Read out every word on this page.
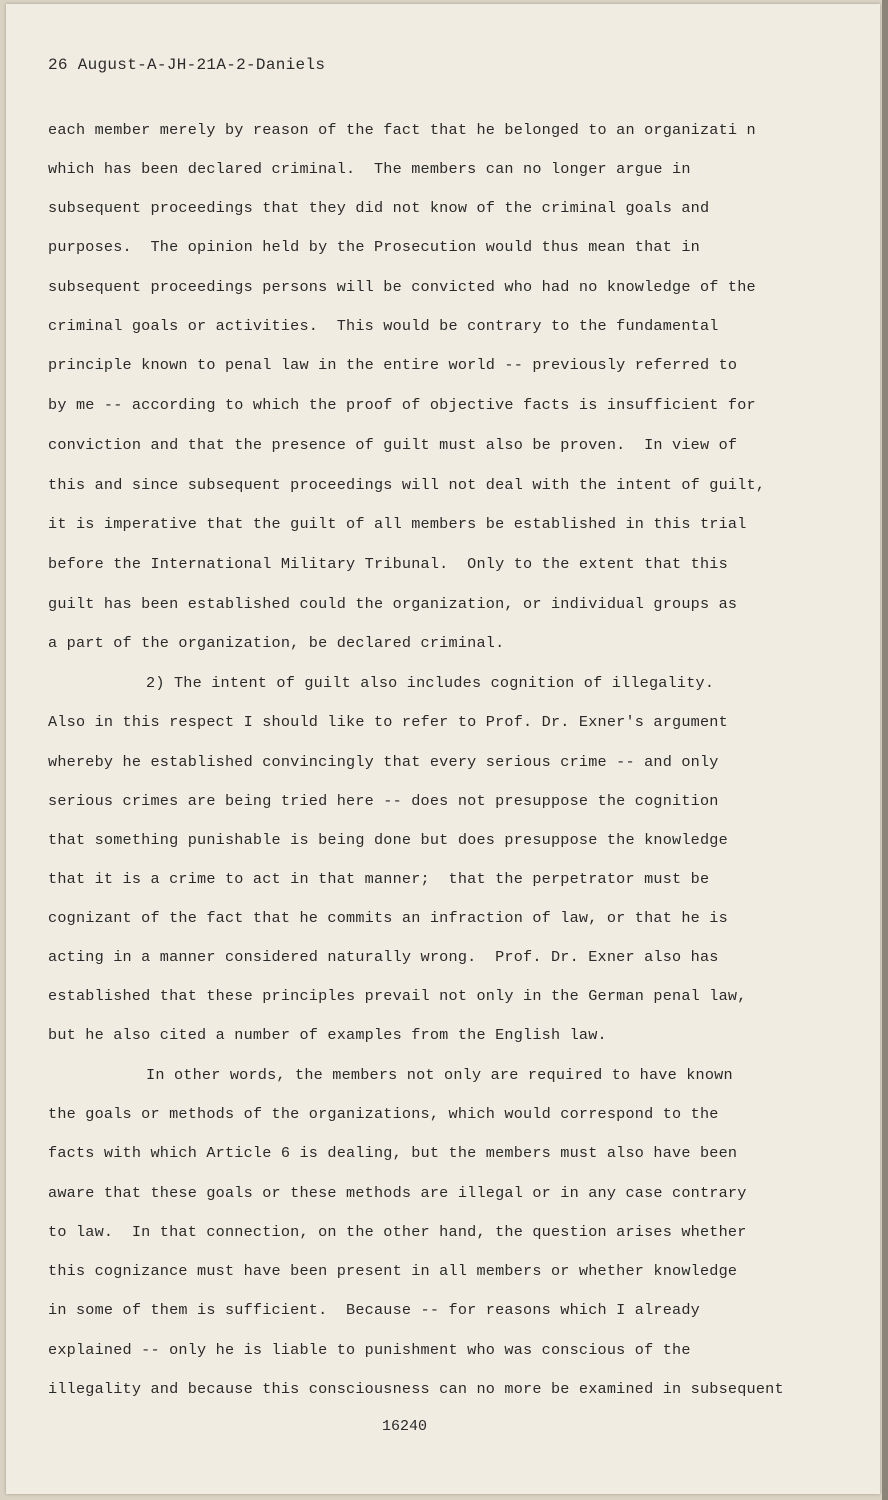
26 August-A-JH-21A-2-Daniels
each member merely by reason of the fact that he belonged to an organizati n
which has been declared criminal.  The members can no longer argue in
subsequent proceedings that they did not know of the criminal goals and
purposes.  The opinion held by the Prosecution would thus mean that in
subsequent proceedings persons will be convicted who had no knowledge of the
criminal goals or activities.  This would be contrary to the fundamental
principle known to penal law in the entire world -- previously referred to
by me -- according to which the proof of objective facts is insufficient for
conviction and that the presence of guilt must also be proven.  In view of
this and since subsequent proceedings will not deal with the intent of guilt,
it is imperative that the guilt of all members be established in this trial
before the International Military Tribunal.  Only to the extent that this
guilt has been established could the organization, or individual groups as
a part of the organization, be declared criminal.
2) The intent of guilt also includes cognition of illegality.
Also in this respect I should like to refer to Prof. Dr. Exner's argument
whereby he established convincingly that every serious crime -- and only
serious crimes are being tried here -- does not presuppose the cognition
that something punishable is being done but does presuppose the knowledge
that it is a crime to act in that manner;  that the perpetrator must be
cognizant of the fact that he commits an infraction of law, or that he is
acting in a manner considered naturally wrong.  Prof. Dr. Exner also has
established that these principles prevail not only in the German penal law,
but he also cited a number of examples from the English law.
In other words, the members not only are required to have known
the goals or methods of the organizations, which would correspond to the
facts with which Article 6 is dealing, but the members must also have been
aware that these goals or these methods are illegal or in any case contrary
to law.  In that connection, on the other hand, the question arises whether
this cognizance must have been present in all members or whether knowledge
in some of them is sufficient.  Because -- for reasons which I already
explained -- only he is liable to punishment who was conscious of the
illegality and because this consciousness can no more be examined in subsequent
16240
